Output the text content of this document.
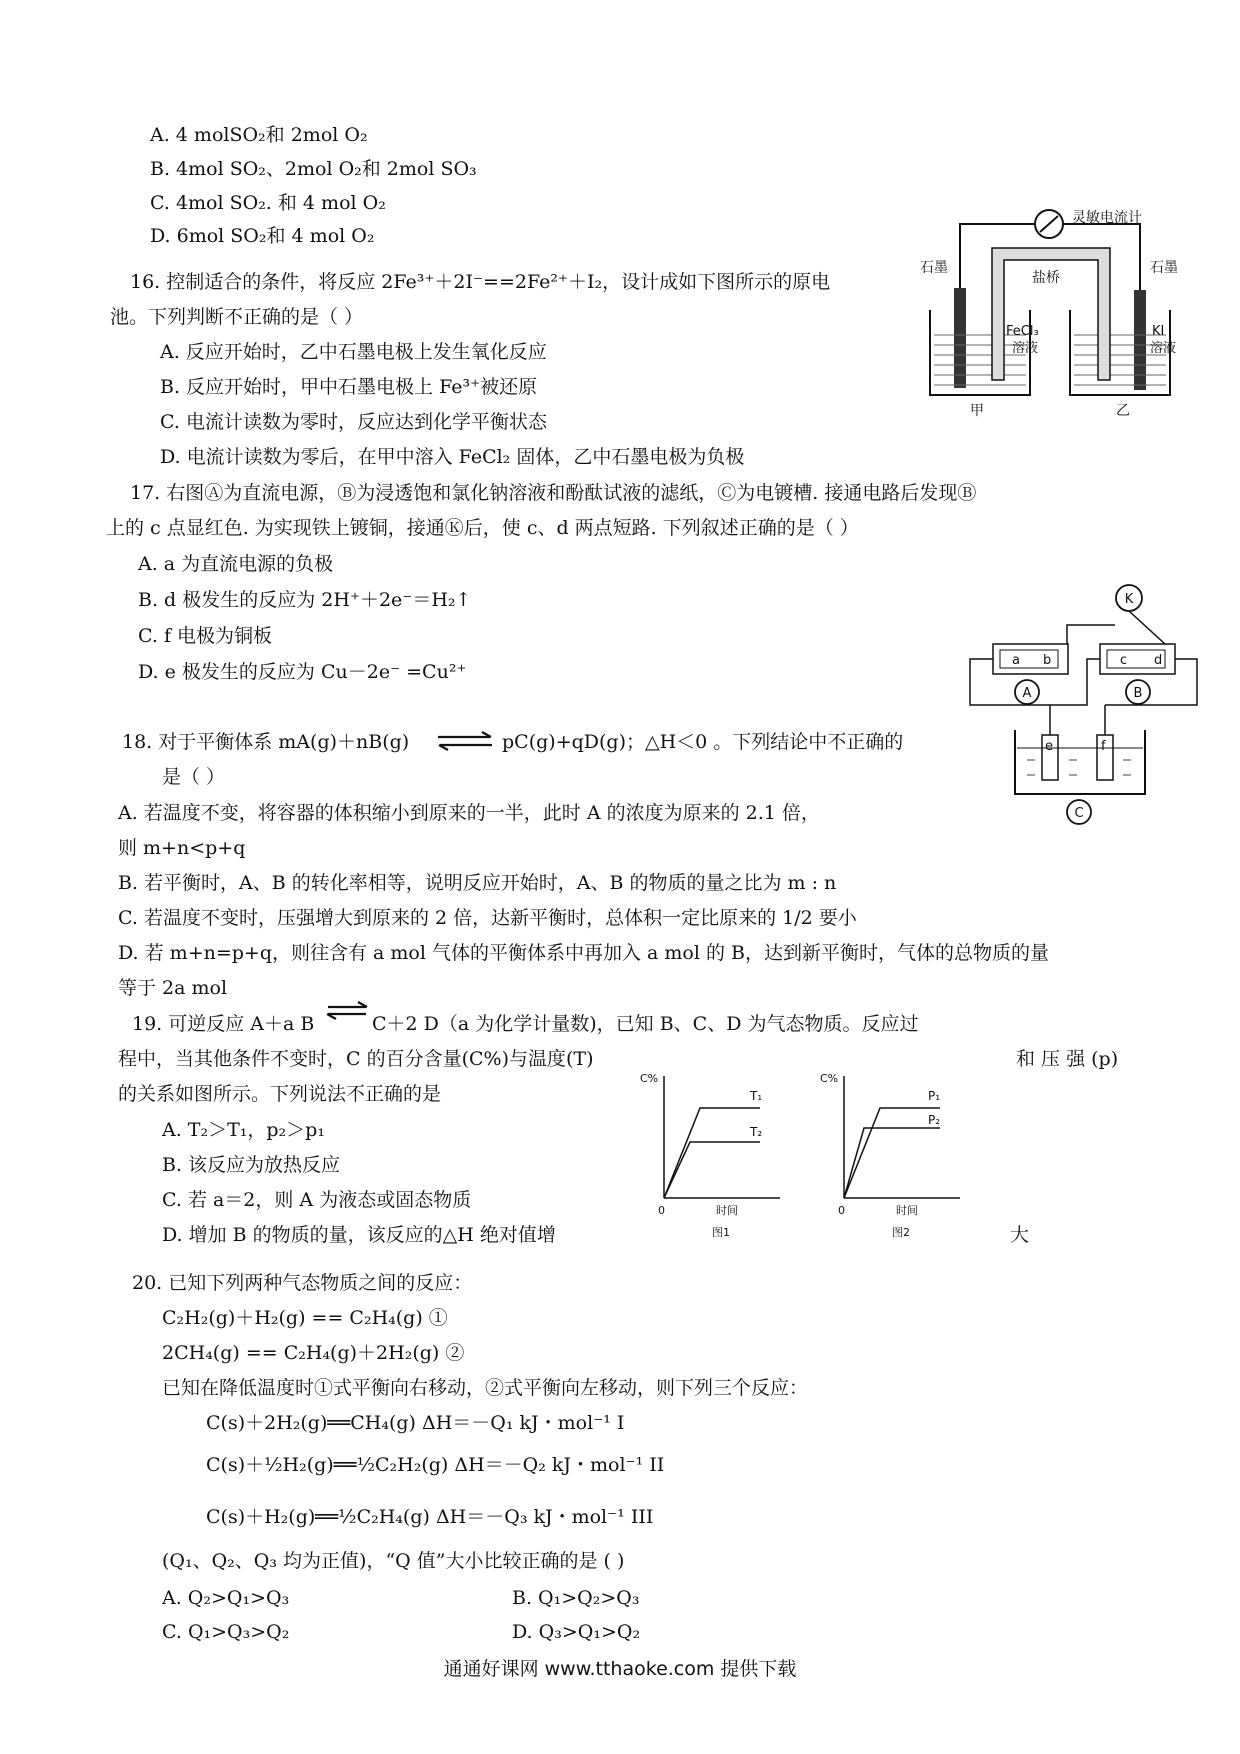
A. 4 molSO₂和 2mol O₂
B. 4mol SO₂、2mol O₂和 2mol SO₃
C. 4mol SO₂. 和 4 mol O₂
D. 6mol SO₂和 4 mol O₂
16. 控制适合的条件，将反应 2Fe³⁺＋2I⁻==2Fe²⁺＋I₂，设计成如下图所示的原电
池。下列判断不正确的是（ ）
A. 反应开始时，乙中石墨电极上发生氧化反应
B. 反应开始时，甲中石墨电极上 Fe³⁺被还原
C. 电流计读数为零时，反应达到化学平衡状态
D. 电流计读数为零后，在甲中溶入 FeCl₂ 固体，乙中石墨电极为负极
灵敏电流计
石墨	石墨
盐桥
FeCl₃
溶液
KI
溶液
甲	乙
17. 右图Ⓐ为直流电源，Ⓑ为浸透饱和氯化钠溶液和酚酞试液的滤纸，Ⓒ为电镀槽. 接通电路后发现Ⓑ
上的 c 点显红色. 为实现铁上镀铜，接通Ⓚ后，使 c、d 两点短路. 下列叙述正确的是（ ）
A. a 为直流电源的负极
B. d 极发生的反应为 2H⁺＋2e⁻＝H₂↑
C. f 电极为铜板
D. e 极发生的反应为 Cu－2e⁻ =Cu²⁺
K
a b	c d
A	B
e	f
C
18. 对于平衡体系 mA(g)＋nB(g) ⇌ pC(g)+qD(g)；△H＜0 。下列结论中不正确的
是（ ）
A. 若温度不变，将容器的体积缩小到原来的一半，此时 A 的浓度为原来的 2.1 倍，
则 m+n<p+q
B. 若平衡时，A、B 的转化率相等，说明反应开始时，A、B 的物质的量之比为 m : n
C. 若温度不变时，压强增大到原来的 2 倍，达新平衡时，总体积一定比原来的 1/2 要小
D. 若 m+n=p+q，则往含有 a mol 气体的平衡体系中再加入 a mol 的 B，达到新平衡时，气体的总物质的量
等于 2a mol
19. 可逆反应 A＋a B	C＋2 D（a 为化学计量数)，已知 B、C、D 为气态物质。反应过
程中，当其他条件不变时，C 的百分含量(C%)与温度(T)	和 压 强 (p)
的关系如图所示。下列说法不正确的是
A. T₂＞T₁，p₂＞p₁
B. 该反应为放热反应
C. 若 a＝2，则 A 为液态或固态物质
D. 增加 B 的物质的量，该反应的△H 绝对值增	大
C%
T₁
T₂
0	时间
图1
C%
P₁
P₂
0	时间
图2
20. 已知下列两种气态物质之间的反应：
C₂H₂(g)＋H₂(g) == C₂H₄(g) ①
2CH₄(g) == C₂H₄(g)＋2H₂(g) ②
已知在降低温度时①式平衡向右移动，②式平衡向左移动，则下列三个反应：
C(s)＋2H₂(g)══CH₄(g) ΔH＝－Q₁ kJ・mol⁻¹ I
C(s)＋½H₂(g)══½C₂H₂(g) ΔH＝－Q₂ kJ・mol⁻¹ II
C(s)＋H₂(g)══½C₂H₄(g) ΔH＝－Q₃ kJ・mol⁻¹ III
(Q₁、Q₂、Q₃ 均为正值)，“Q 值”大小比较正确的是 ( )
A. Q₂>Q₁>Q₃	B. Q₁>Q₂>Q₃
C. Q₁>Q₃>Q₂	D. Q₃>Q₁>Q₂
通通好课网 www.tthaoke.com 提供下载
